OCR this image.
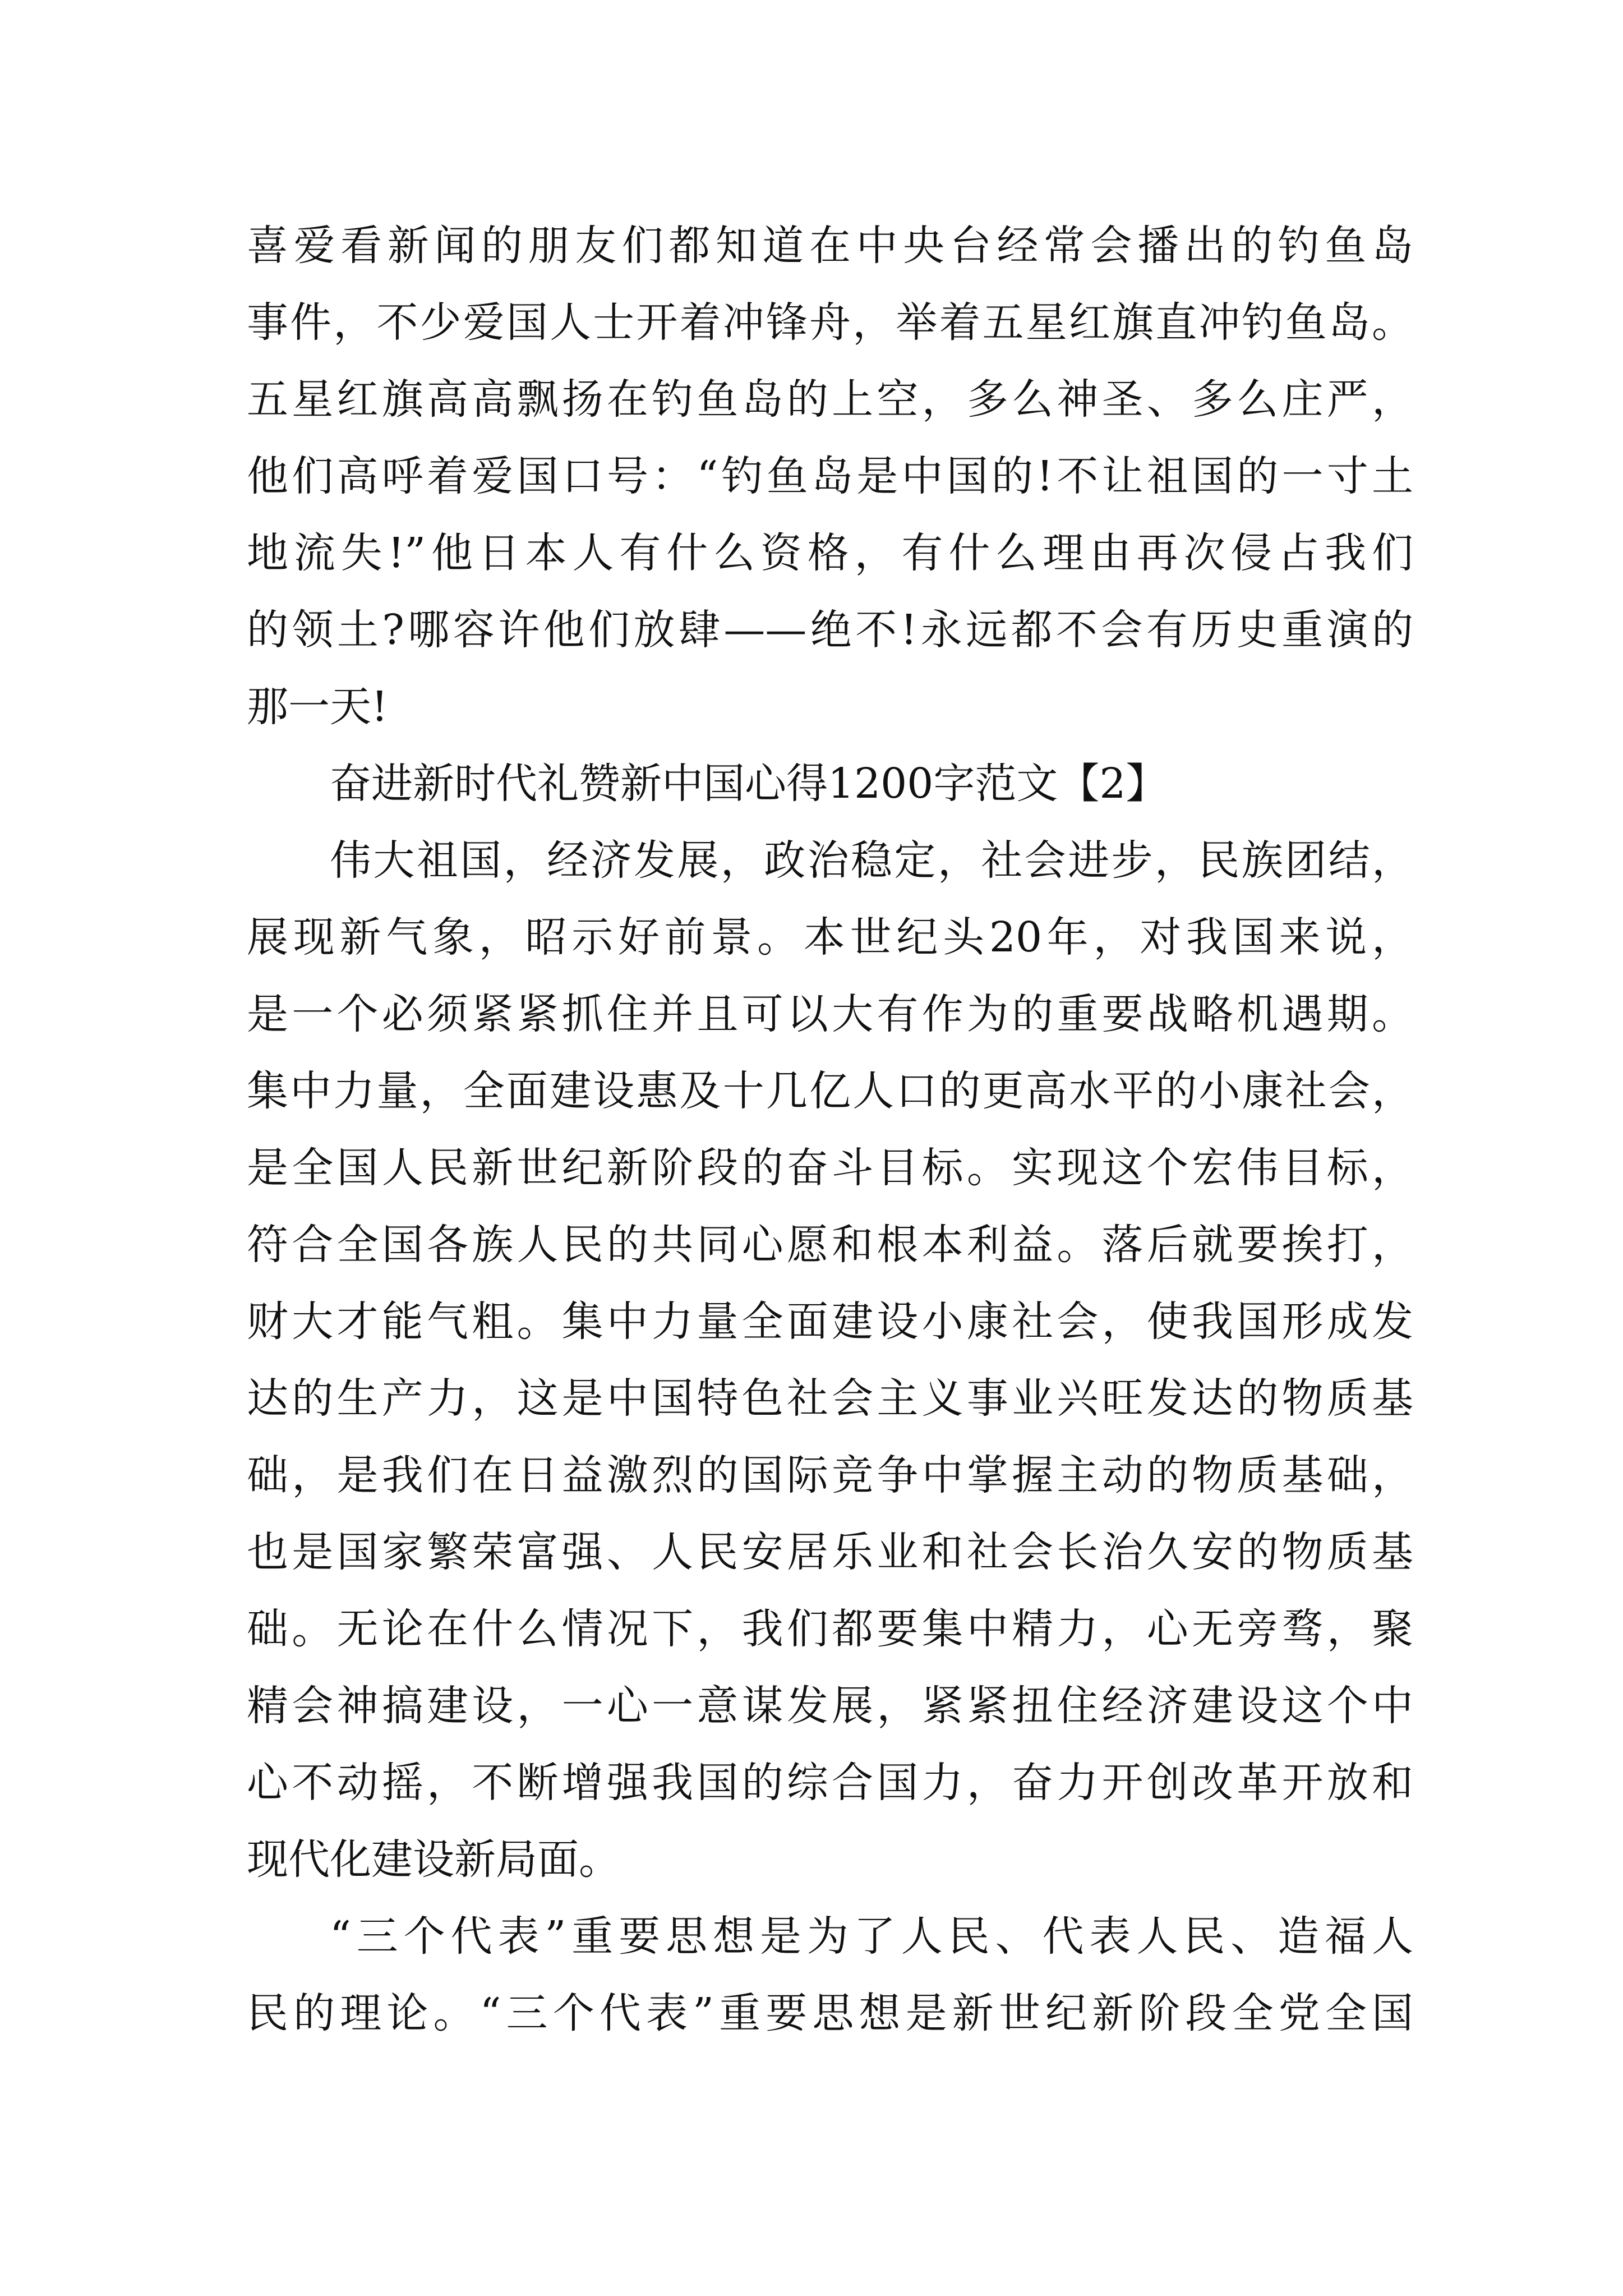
喜爱看新闻的朋友们都知道在中央台经常会播出的钓鱼岛
事件，不少爱国人士开着冲锋舟，举着五星红旗直冲钓鱼岛。
五星红旗高高飘扬在钓鱼岛的上空，多么神圣、多么庄严，
他们高呼着爱国口号：“钓鱼岛是中国的!不让祖国的一寸土
地流失!”他日本人有什么资格，有什么理由再次侵占我们
的领土?哪容许他们放肆——绝不!永远都不会有历史重演的
那一天!
奋进新时代礼赞新中国心得1200字范文【2】
伟大祖国，经济发展，政治稳定，社会进步，民族团结，
展现新气象，昭示好前景。本世纪头20年，对我国来说，
是一个必须紧紧抓住并且可以大有作为的重要战略机遇期。
集中力量，全面建设惠及十几亿人口的更高水平的小康社会，
是全国人民新世纪新阶段的奋斗目标。实现这个宏伟目标，
符合全国各族人民的共同心愿和根本利益。落后就要挨打，
财大才能气粗。集中力量全面建设小康社会，使我国形成发
达的生产力，这是中国特色社会主义事业兴旺发达的物质基
础，是我们在日益激烈的国际竞争中掌握主动的物质基础，
也是国家繁荣富强、人民安居乐业和社会长治久安的物质基
础。无论在什么情况下，我们都要集中精力，心无旁骛，聚
精会神搞建设，一心一意谋发展，紧紧扭住经济建设这个中
心不动摇，不断增强我国的综合国力，奋力开创改革开放和
现代化建设新局面。
“三个代表”重要思想是为了人民、代表人民、造福人
民的理论。“三个代表”重要思想是新世纪新阶段全党全国
